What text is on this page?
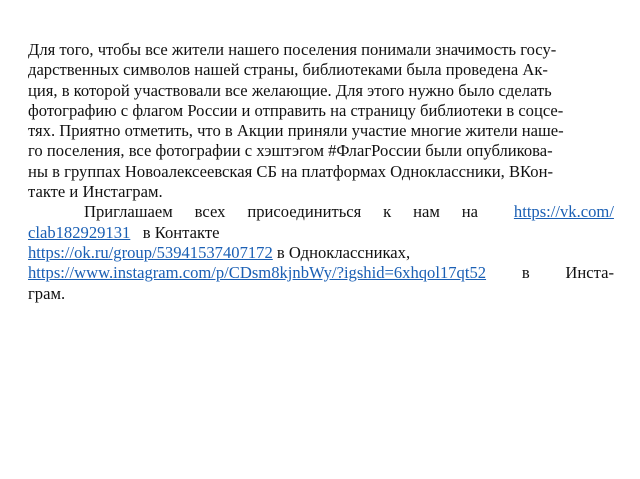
Для того, чтобы все жители нашего поселения понимали значимость госу-
дарственных символов нашей страны, библиотеками была проведена Ак-
ция, в которой участвовали все желающие. Для этого нужно было сделать
фотографию с флагом России и отправить на страницу библиотеки в соцсе-
тях. Приятно отметить, что в Акции приняли участие многие жители наше-
го поселения, все фотографии с хэштэгом #ФлагРоссии были опубликова-
ны в группах Новоалексеевская СБ на платформах Одноклассники, ВКон-
такте и Инстаграм.
Приглашаем всех присоединиться к нам на https://vk.com/
clab182929131   в Контакте
https://ok.ru/group/53941537407172 в Одноклассниках,
https://www.instagram.com/p/CDsm8kjnbWy/?igshid=6xhqol17qt52 в Инста-
грам.
